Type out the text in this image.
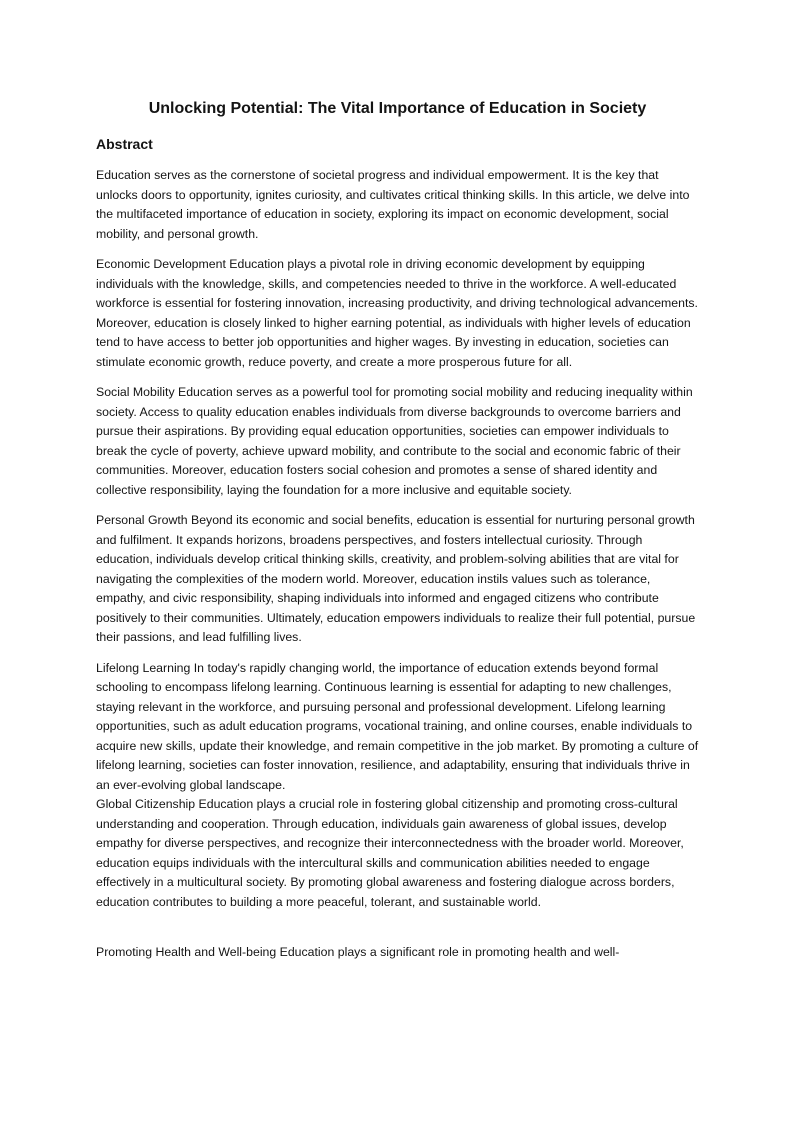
Unlocking Potential: The Vital Importance of Education in Society
Abstract

Education serves as the cornerstone of societal progress and individual empowerment. It is the key that unlocks doors to opportunity, ignites curiosity, and cultivates critical thinking skills. In this article, we delve into the multifaceted importance of education in society, exploring its impact on economic development, social mobility, and personal growth.

Economic Development Education plays a pivotal role in driving economic development by equipping individuals with the knowledge, skills, and competencies needed to thrive in the workforce. A well-educated workforce is essential for fostering innovation, increasing productivity, and driving technological advancements. Moreover, education is closely linked to higher earning potential, as individuals with higher levels of education tend to have access to better job opportunities and higher wages. By investing in education, societies can stimulate economic growth, reduce poverty, and create a more prosperous future for all.

Social Mobility Education serves as a powerful tool for promoting social mobility and reducing inequality within society. Access to quality education enables individuals from diverse backgrounds to overcome barriers and pursue their aspirations. By providing equal education opportunities, societies can empower individuals to break the cycle of poverty, achieve upward mobility, and contribute to the social and economic fabric of their communities. Moreover, education fosters social cohesion and promotes a sense of shared identity and collective responsibility, laying the foundation for a more inclusive and equitable society.

Personal Growth Beyond its economic and social benefits, education is essential for nurturing personal growth and fulfilment. It expands horizons, broadens perspectives, and fosters intellectual curiosity. Through education, individuals develop critical thinking skills, creativity, and problem-solving abilities that are vital for navigating the complexities of the modern world. Moreover, education instils values such as tolerance, empathy, and civic responsibility, shaping individuals into informed and engaged citizens who contribute positively to their communities. Ultimately, education empowers individuals to realize their full potential, pursue their passions, and lead fulfilling lives.

Lifelong Learning In today's rapidly changing world, the importance of education extends beyond formal schooling to encompass lifelong learning. Continuous learning is essential for adapting to new challenges, staying relevant in the workforce, and pursuing personal and professional development. Lifelong learning opportunities, such as adult education programs, vocational training, and online courses, enable individuals to acquire new skills, update their knowledge, and remain competitive in the job market. By promoting a culture of lifelong learning, societies can foster innovation, resilience, and adaptability, ensuring that individuals thrive in an ever-evolving global landscape.

Global Citizenship Education plays a crucial role in fostering global citizenship and promoting cross-cultural understanding and cooperation. Through education, individuals gain awareness of global issues, develop empathy for diverse perspectives, and recognize their interconnectedness with the broader world. Moreover, education equips individuals with the intercultural skills and communication abilities needed to engage effectively in a multicultural society. By promoting global awareness and fostering dialogue across borders, education contributes to building a more peaceful, tolerant, and sustainable world.

Promoting Health and Well-being Education plays a significant role in promoting health and well-
